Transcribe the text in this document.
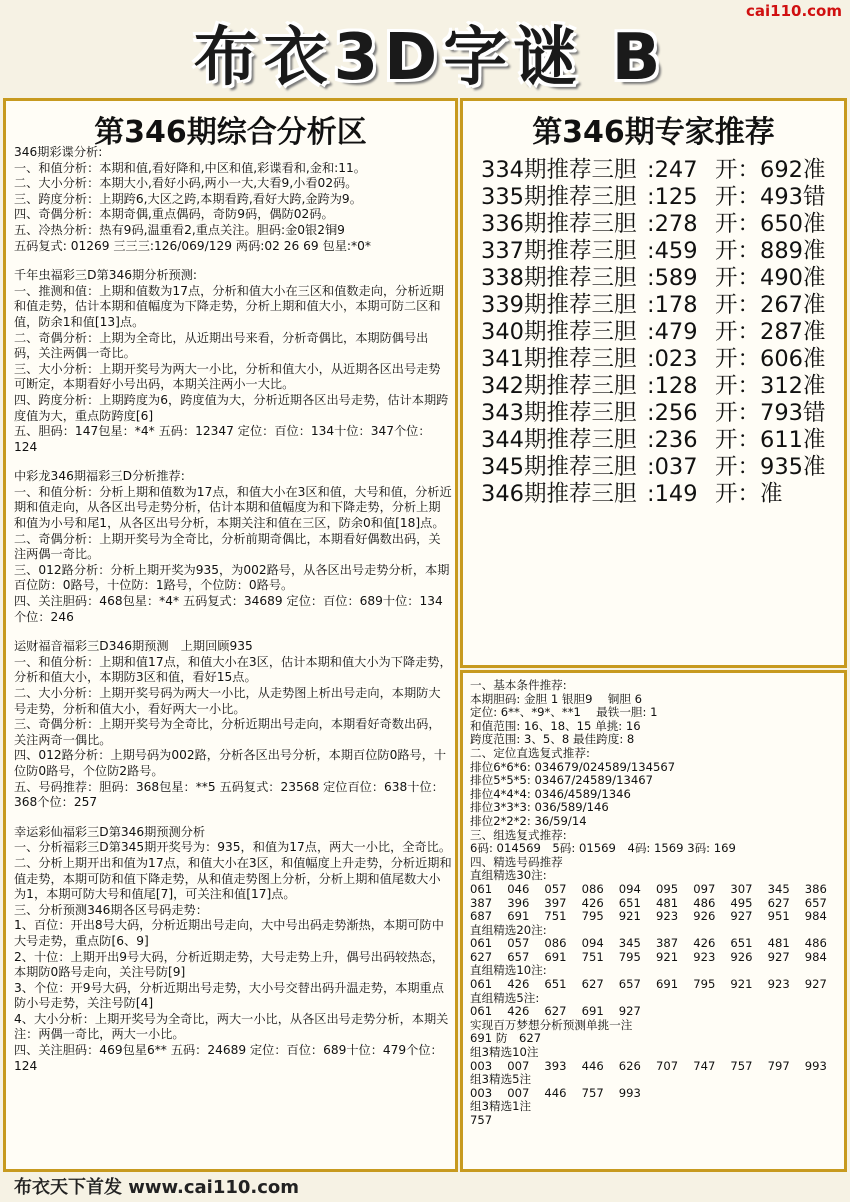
布衣3D字谜 B
cai110.com
第346期综合分析区
346期彩谍分析:
一、和值分析：本期和值,看好降和,中区和值,彩谍看和,金和:11。
二、大小分析：本期大小,看好小码,两小一大,大看9,小看02码。
三、跨度分析：上期跨6,大区之跨,本期看跨,看好大跨,金跨为9。
四、奇偶分析：本期奇偶,重点偶码，奇防9码，偶防02码。
五、冷热分析：热有9码,温重看2,重点关注。胆码:金0银2铜9
五码复式: 01269 三三三:126/069/129 两码:02 26 69 包星:*0*
千年虫福彩三D第346期分析预测:
一、推测和值：上期和值数为17点，分析和值大小在三区和值数走向，分析近期和值走势，估计本期和值幅度为下降走势，分析上期和值大小，本期可防二区和值，防余1和值[13]点。
二、奇偶分析：上期为全奇比，从近期出号来看，分析奇偶比，本期防偶号出码，关注两偶一奇比。
三、大小分析：上期开奖号为两大一小比，分析和值大小，从近期各区出号走势可断定，本期看好小号出码，本期关注两小一大比。
四、跨度分析：上期跨度为6，跨度值为大，分析近期各区出号走势，估计本期跨度值为大，重点防跨度[6]
五、胆码：147包星：*4* 五码：12347 定位：百位：134十位：347个位：124
中彩龙346期福彩三D分析推荐:
一、和值分析：分析上期和值数为17点，和值大小在3区和值，大号和值，分析近期和值走向，从各区出号走势分析，估计本期和值幅度为和下降走势，分析上期和值为小号和尾1，从各区出号分析，本期关注和值在三区，防余0和值[18]点。
二、奇偶分析：上期开奖号为全奇比，分析前期奇偶比，本期看好偶数出码，关注两偶一奇比。
三、012路分析：分析上期开奖为935，为002路号，从各区出号走势分析，本期百位防：0路号，十位防：1路号，个位防：0路号。
四、关注胆码：468包星：*4* 五码复式：34689 定位：百位：689十位：134个位：246
运财福音福彩三D346期预测　上期回顾935
一、和值分析：上期和值17点，和值大小在3区，估计本期和值大小为下降走势，分析和值大小，本期防3区和值，看好15点。
二、大小分析：上期开奖号码为两大一小比，从走势图上析出号走向，本期防大号走势，分析和值大小，看好两大一小比。
三、奇偶分析：上期开奖号为全奇比，分析近期出号走向，本期看好奇数出码，关注两奇一偶比。
四、012路分析：上期号码为002路，分析各区出号分析，本期百位防0路号，十位防0路号，个位防2路号。
五、号码推荐：胆码：368包星：**5 五码复式：23568 定位百位：638十位：368个位：257
幸运彩仙福彩三D第346期预测分析
一、分析福彩三D第345期开奖号为：935，和值为17点，两大一小比，全奇比。
二、分析上期开出和值为17点，和值大小在3区，和值幅度上升走势，分析近期和值走势，本期可防和值下降走势，从和值走势图上分析，分析上期和值尾数大小为1，本期可防大号和值尾[7]，可关注和值[17]点。
三、分析预测346期各区号码走势：
1、百位：开出8号大码，分析近期出号走向，大中号出码走势渐热，本期可防中大号走势，重点防[6、9]
2、十位：上期开出9号大码，分析近期走势，大号走势上升，偶号出码较热态，本期防0路号走向，关注号防[9]
3、个位：开9号大码，分析近期出号走势，大小号交替出码升温走势，本期重点防小号走势，关注号防[4]
4、大小分析：上期开奖号为全奇比，两大一小比，从各区出号走势分析，本期关注：两偶一奇比，两大一小比。
四、关注胆码：469包星6** 五码：24689 定位：百位：689十位：479个位：124
第346期专家推荐
334期推荐三胆 :247 开：692准
335期推荐三胆 :125 开：493错
336期推荐三胆 :278 开：650准
337期推荐三胆 :459 开：889准
338期推荐三胆 :589 开：490准
339期推荐三胆 :178 开：267准
340期推荐三胆 :479 开：287准
341期推荐三胆 :023 开：606准
342期推荐三胆 :128 开：312准
343期推荐三胆 :256 开：793错
344期推荐三胆 :236 开：611准
345期推荐三胆 :037 开：935准
346期推荐三胆 :149 开：准
一、基本条件推荐:
本期胆码: 金胆 1 银胆9　 铜胆 6
定位: 6**、*9*、**1　 最铁一胆: 1
和值范围: 16、18、15 单挑: 16
跨度范围: 3、5、8 最佳跨度: 8
二、定位直选复式推荐:
排位6*6*6: 034679/024589/134567
排位5*5*5: 03467/24589/13467
排位4*4*4: 0346/4589/1346
排位3*3*3: 036/589/146
排位2*2*2: 36/59/14
三、组选复式推荐:
6码: 014569　5码: 01569　4码: 1569 3码: 169
四、精选号码推荐
直组精选30注:
061	046	057	086	094	095	097	307	345	386
387	396	397	426	651	481	486	495	627	657
687	691	751	795	921	923	926	927	951	984
直组精选20注:
061	057	086	094	345	387	426	651	481	486
627	657	691	751	795	921	923	926	927	984
直组精选10注:
061	426	651	627	657	691	795	921	923	927
直组精选5注:
061	426	627	691	927
实现百万梦想分析预测单挑一注
691 防　627
组3精选10注
003	007	393	446	626	707	747	757	797	993
组3精选5注
003	007	446	757	993
组3精选1注
757
布衣天下首发 www.cai110.com
